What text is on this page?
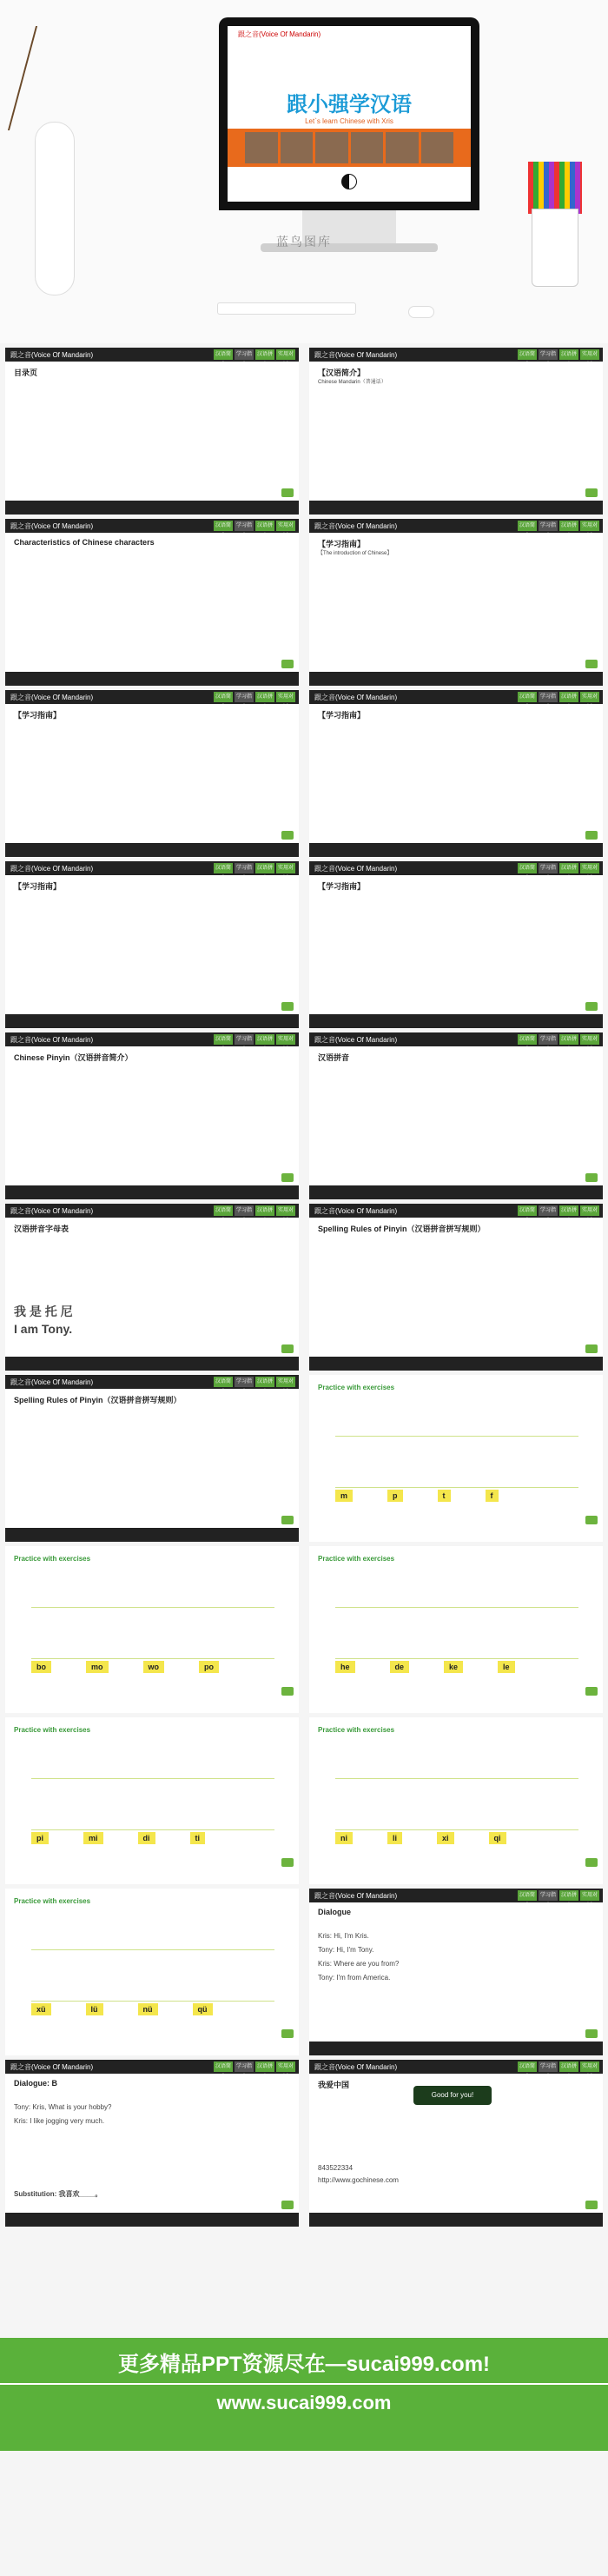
跟之音(Voice Of Mandarin)
跟小强学汉语
Let`s learn Chinese with Xris
蓝鸟图库
跟之音(Voice Of Mandarin)	汉语简介
学习指南
汉语拼音
实用对话
目录页
跟之音(Voice Of Mandarin)	汉语简介
学习指南
汉语拼音
实用对话
【汉语简介】
Chinese Mandarin（普通话）
跟之音(Voice Of Mandarin)	汉语简介
学习指南
汉语拼音
实用对话
Characteristics of Chinese characters
跟之音(Voice Of Mandarin)	汉语简介
学习指南
汉语拼音
实用对话
【学习指南】
【The introduction of Chinese】
跟之音(Voice Of Mandarin)	汉语简介
学习指南
汉语拼音
实用对话
【学习指南】
跟之音(Voice Of Mandarin)	汉语简介
学习指南
汉语拼音
实用对话
【学习指南】
跟之音(Voice Of Mandarin)	汉语简介
学习指南
汉语拼音
实用对话
【学习指南】
跟之音(Voice Of Mandarin)	汉语简介
学习指南
汉语拼音
实用对话
【学习指南】
跟之音(Voice Of Mandarin)	汉语简介
学习指南
汉语拼音
实用对话
Chinese Pinyin（汉语拼音简介）
跟之音(Voice Of Mandarin)	汉语简介
学习指南
汉语拼音
实用对话
汉语拼音
跟之音(Voice Of Mandarin)	汉语简介
学习指南
汉语拼音
实用对话
汉语拼音字母表
我 是 托 尼
I am Tony.
跟之音(Voice Of Mandarin)	汉语简介
学习指南
汉语拼音
实用对话
Spelling Rules of Pinyin（汉语拼音拼写规则）
跟之音(Voice Of Mandarin)	汉语简介
学习指南
汉语拼音
实用对话
Spelling Rules of Pinyin（汉语拼音拼写规则）
Practice with exercises
m	p	t	f
Practice with exercises
bo	mo	wo	po
Practice with exercises
he	de	ke	le
Practice with exercises
pi	mi	di	ti
Practice with exercises
ni	li	xi	qi
Practice with exercises
xü	lü	nü	qü
跟之音(Voice Of Mandarin)	汉语简介
学习指南
汉语拼音
实用对话
Dialogue
Kris: Hi, I'm Kris.
Tony: Hi, I'm Tony.
Kris: Where are you from?
Tony: I'm from America.
跟之音(Voice Of Mandarin)	汉语简介
学习指南
汉语拼音
实用对话
Dialogue: B
Tony: Kris, What is your hobby?
Kris: I like jogging very much.
Substitution: 我喜欢____。
跟之音(Voice Of Mandarin)	汉语简介
学习指南
汉语拼音
实用对话
我爱中国
Good for you!
843522334
http://www.gochinese.com
更多精品PPT资源尽在—sucai999.com!
www.sucai999.com
